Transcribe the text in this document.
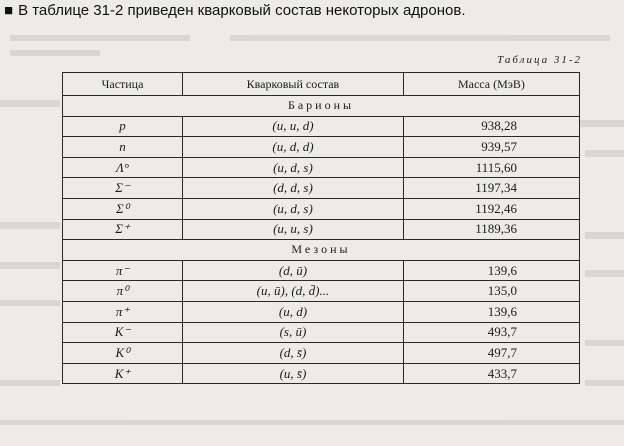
■ В таблице 31-2 приведен кварковый состав некоторых адронов.
Таблица 31-2
Частица	Кварковый состав	Масса (МэВ)
Барионы		
p	(u, u, d)	938,28
n	(u, d, d)	939,57
Λ°	(u, d, s)	1115,60
Σ⁻	(d, d, s)	1197,34
Σ⁰	(u, d, s)	1192,46
Σ⁺	(u, u, s)	1189,36
Мезоны		
π⁻	(d, ū)	139,6
π⁰	(u, ū), (d, d̄)...	135,0
π⁺	(u, d)	139,6
K⁻	(s, ū)	493,7
K⁰	(d, s̄)	497,7
K⁺	(u, s̄)	433,7
